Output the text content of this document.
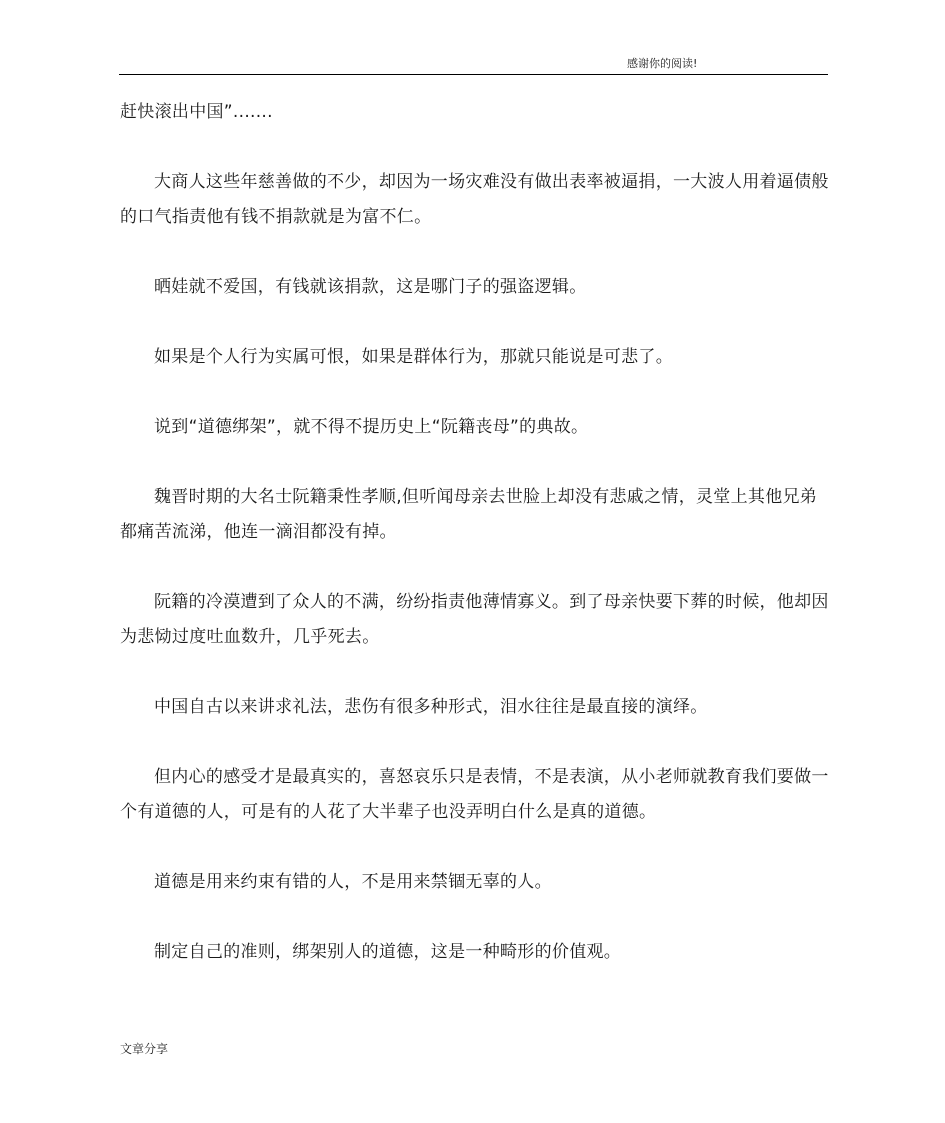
感谢你的阅读!

赶快滚出中国”.......

大商人这些年慈善做的不少，却因为一场灾难没有做出表率被逼捐，一大波人用着逼债般的口气指责他有钱不捐款就是为富不仁。

晒娃就不爱国，有钱就该捐款，这是哪门子的强盗逻辑。

如果是个人行为实属可恨，如果是群体行为，那就只能说是可悲了。

说到“道德绑架”，就不得不提历史上“阮籍丧母”的典故。

魏晋时期的大名士阮籍秉性孝顺,但听闻母亲去世脸上却没有悲戚之情，灵堂上其他兄弟都痛苦流涕，他连一滴泪都没有掉。

阮籍的冷漠遭到了众人的不满，纷纷指责他薄情寡义。到了母亲快要下葬的时候，他却因为悲恸过度吐血数升，几乎死去。

中国自古以来讲求礼法，悲伤有很多种形式，泪水往往是最直接的演绎。

但内心的感受才是最真实的，喜怒哀乐只是表情，不是表演，从小老师就教育我们要做一个有道德的人，可是有的人花了大半辈子也没弄明白什么是真的道德。

道德是用来约束有错的人，不是用来禁锢无辜的人。

制定自己的准则，绑架别人的道德，这是一种畸形的价值观。

文章分享
